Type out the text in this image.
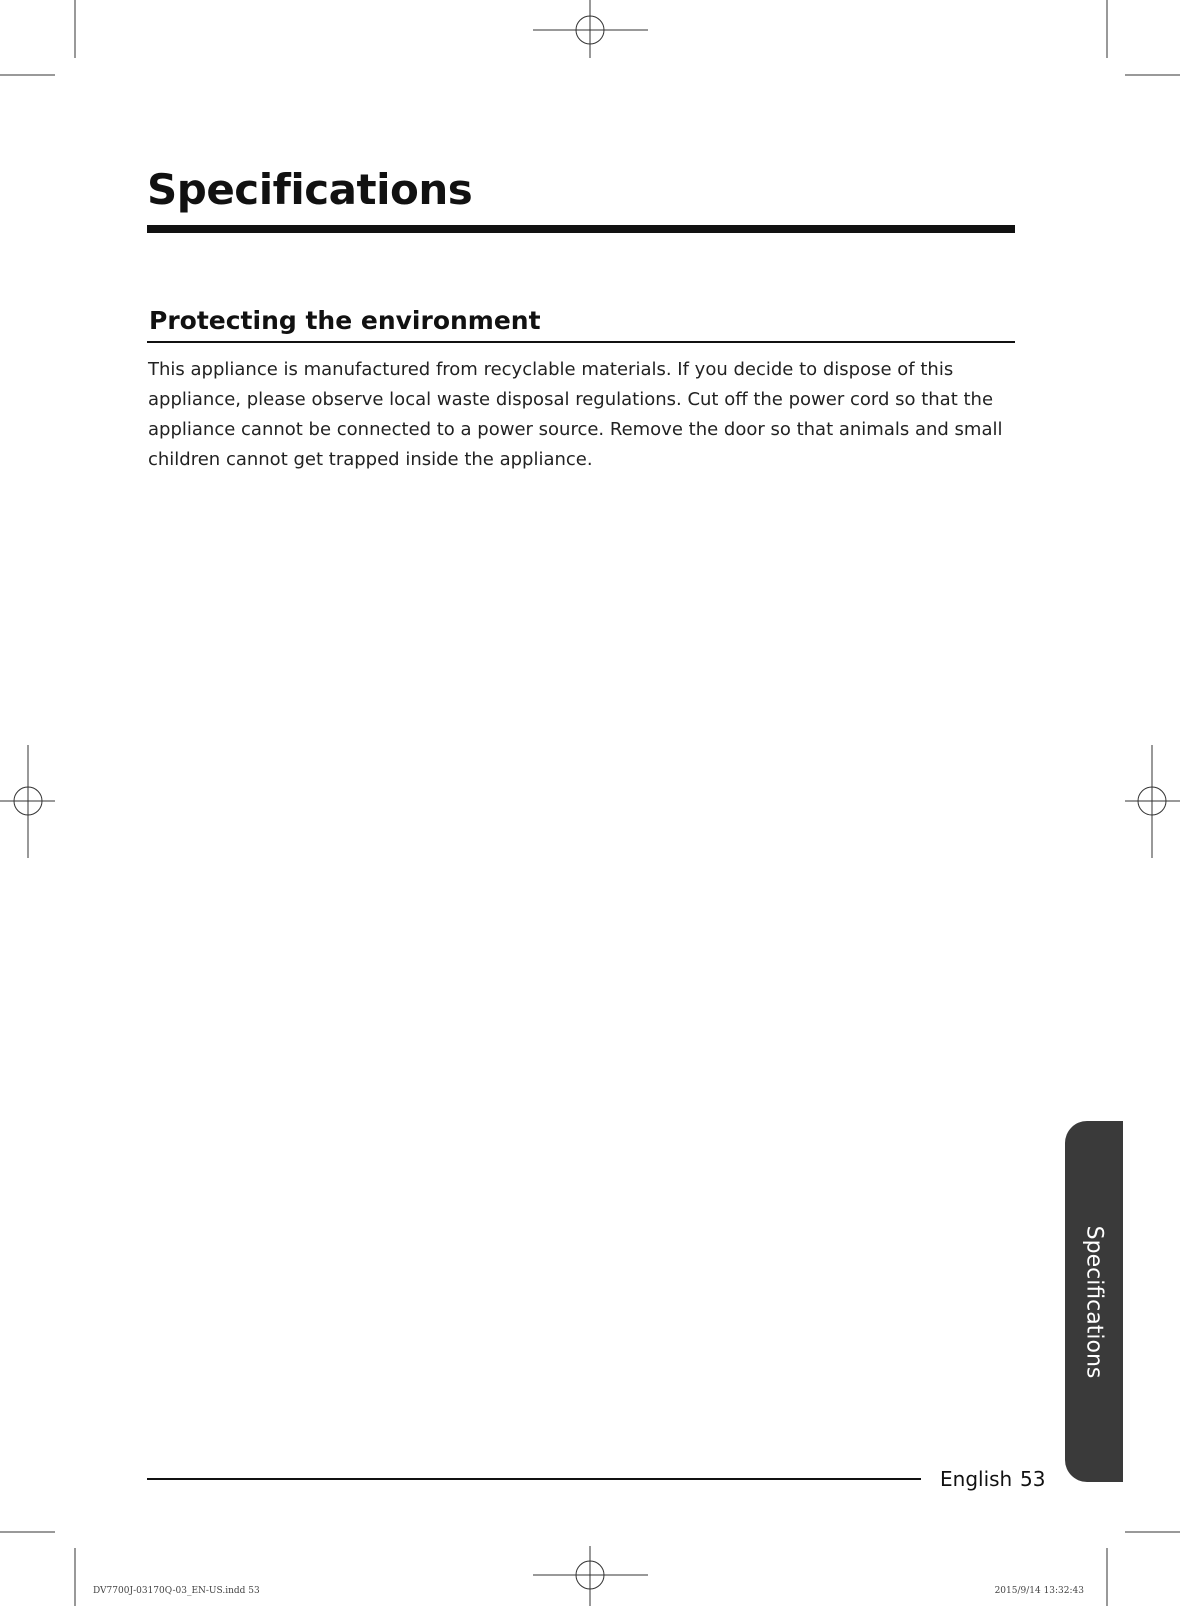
Specifications
Protecting the environment

This appliance is manufactured from recyclable materials. If you decide to dispose of this appliance, please observe local waste disposal regulations. Cut off the power cord so that the appliance cannot be connected to a power source. Remove the door so that animals and small children cannot get trapped inside the appliance.

Specifications
English 53
DV7700J-03170Q-03_EN-US.indd 53	2015/9/14 13:32:43
